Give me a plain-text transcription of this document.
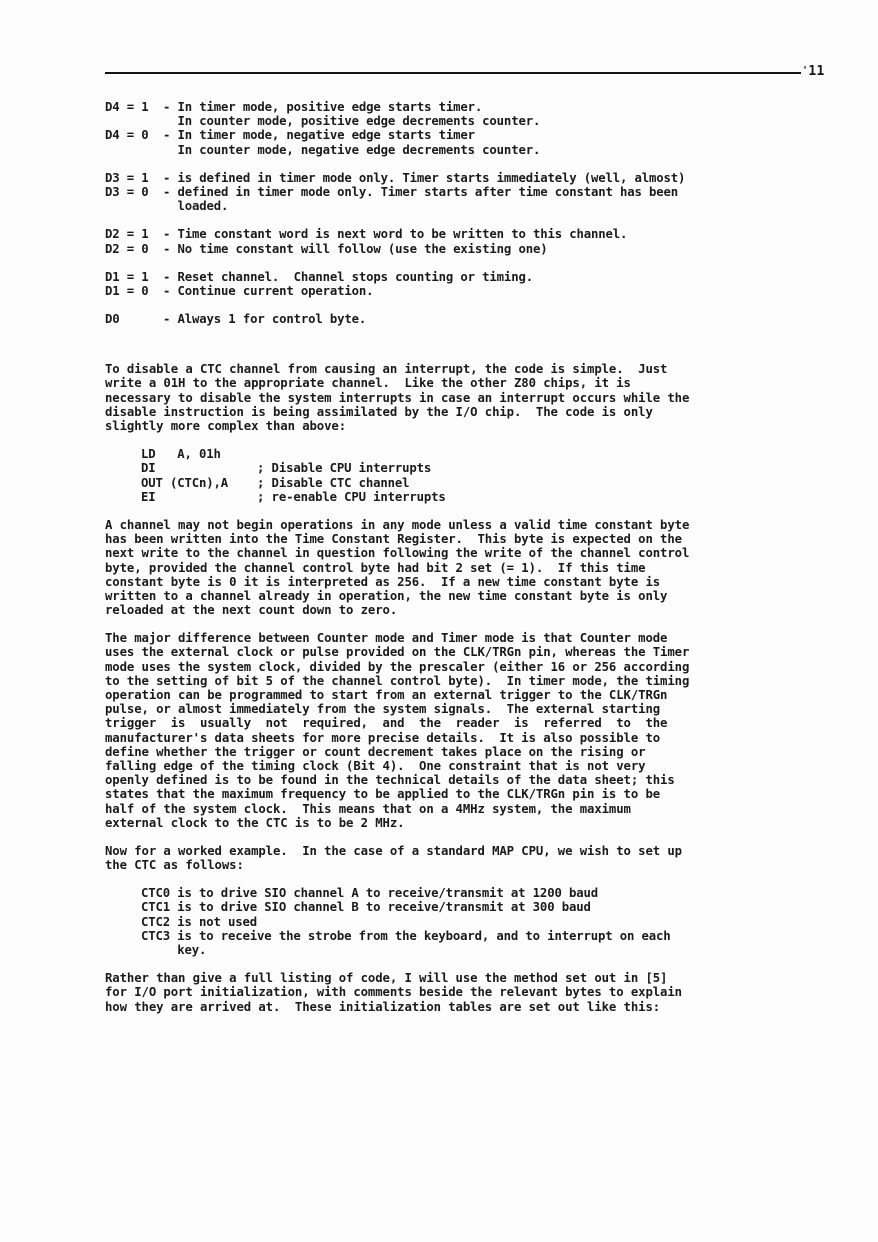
'11
D4 = 1  - In timer mode, positive edge starts timer.
In counter mode, positive edge decrements counter.
D4 = 0  - In timer mode, negative edge starts timer
In counter mode, negative edge decrements counter.
D3 = 1  - is defined in timer mode only. Timer starts immediately (well, almost)
D3 = 0  - defined in timer mode only. Timer starts after time constant has been
loaded.
D2 = 1  - Time constant word is next word to be written to this channel.
D2 = 0  - No time constant will follow (use the existing one)
D1 = 1  - Reset channel.  Channel stops counting or timing.
D1 = 0  - Continue current operation.
D0      - Always 1 for control byte.
To disable a CTC channel from causing an interrupt, the code is simple.  Just
write a 01H to the appropriate channel.  Like the other Z80 chips, it is
necessary to disable the system interrupts in case an interrupt occurs while the
disable instruction is being assimilated by the I/O chip.  The code is only
slightly more complex than above:
LD   A, 01h
DI              ; Disable CPU interrupts
OUT (CTCn),A    ; Disable CTC channel
EI              ; re-enable CPU interrupts
A channel may not begin operations in any mode unless a valid time constant byte
has been written into the Time Constant Register.  This byte is expected on the
next write to the channel in question following the write of the channel control
byte, provided the channel control byte had bit 2 set (= 1).  If this time
constant byte is 0 it is interpreted as 256.  If a new time constant byte is
written to a channel already in operation, the new time constant byte is only
reloaded at the next count down to zero.
The major difference between Counter mode and Timer mode is that Counter mode
uses the external clock or pulse provided on the CLK/TRGn pin, whereas the Timer
mode uses the system clock, divided by the prescaler (either 16 or 256 according
to the setting of bit 5 of the channel control byte).  In timer mode, the timing
operation can be programmed to start from an external trigger to the CLK/TRGn
pulse, or almost immediately from the system signals.  The external starting
trigger  is  usually  not  required,  and  the  reader  is  referred  to  the
manufacturer's data sheets for more precise details.  It is also possible to
define whether the trigger or count decrement takes place on the rising or
falling edge of the timing clock (Bit 4).  One constraint that is not very
openly defined is to be found in the technical details of the data sheet; this
states that the maximum frequency to be applied to the CLK/TRGn pin is to be
half of the system clock.  This means that on a 4MHz system, the maximum
external clock to the CTC is to be 2 MHz.
Now for a worked example.  In the case of a standard MAP CPU, we wish to set up
the CTC as follows:
CTC0 is to drive SIO channel A to receive/transmit at 1200 baud
CTC1 is to drive SIO channel B to receive/transmit at 300 baud
CTC2 is not used
CTC3 is to receive the strobe from the keyboard, and to interrupt on each
key.
Rather than give a full listing of code, I will use the method set out in [5]
for I/O port initialization, with comments beside the relevant bytes to explain
how they are arrived at.  These initialization tables are set out like this:
